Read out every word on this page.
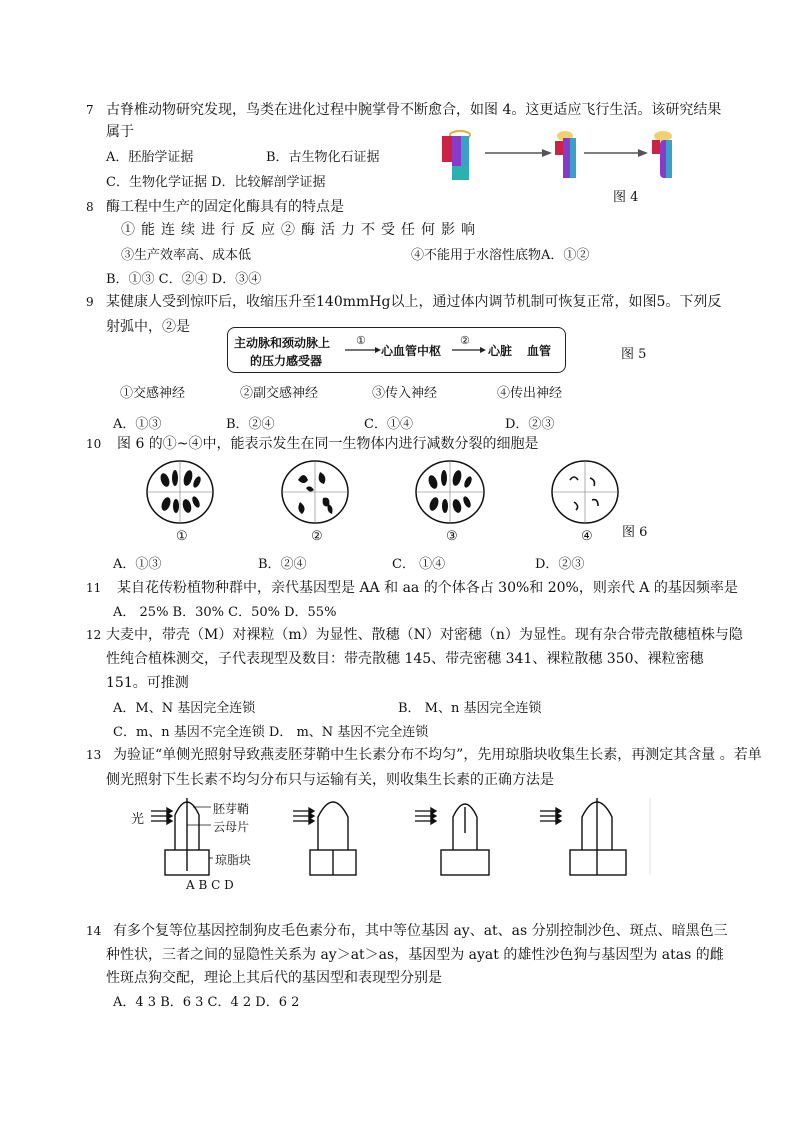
7 古脊椎动物研究发现，鸟类在进化过程中腕掌骨不断愈合，如图 4。这更适应飞行生活。该研究结果
属于
A．胚胎学证据	B．古生物化石证据
C．生物化学证据 D．比较解剖学证据
图 4
8 酶工程中生产的固定化酶具有的特点是
①能连续进行反应②酶活力不受任何影响
③生产效率高、成本低	④不能用于水溶性底物A．①②
B．①③ C．②④ D．③④
9 某健康人受到惊吓后，收缩压升至140mmHg以上，通过体内调节机制可恢复正常，如图5。下列反
射弧中，②是
主动脉和颈动脉上
的压力感受器
①
心血管中枢
②
心脏 血管	图 5
①交感神经	②副交感神经	③传入神经	④传出神经
A．①③	B．②④	C．①④	D．②③
10 图 6 的①~④中，能表示发生在同一生物体内进行减数分裂的细胞是
①	②	③	④ 图 6
A．①③	B．②④	C． ①④	D．②③
11 某自花传粉植物种群中，亲代基因型是 AA 和 aa 的个体各占 30%和 20%，则亲代 A 的基因频率是
A． 25% B．30% C．50% D．55%
12 大麦中，带壳（M）对裸粒（m）为显性、散穗（N）对密穗（n）为显性。现有杂合带壳散穗植株与隐
性纯合植株测交，子代表现型及数目：带壳散穗 145、带壳密穗 341、裸粒散穗 350、裸粒密穗
151。可推测
A．M、N 基因完全连锁	B． M、n 基因完全连锁
C．m、n 基因不完全连锁 D． m、N 基因不完全连锁
13 为验证“单侧光照射导致燕麦胚芽鞘中生长素分布不均匀”，先用琼脂块收集生长素，再测定其含量 。若单
侧光照射下生长素不均匀分布只与运输有关，则收集生长素的正确方法是
光
胚芽鞘
云母片
琼脂块
A B C D
14 有多个复等位基因控制狗皮毛色素分布，其中等位基因 ay、at、as 分别控制沙色、斑点、暗黑色三
种性状，三者之间的显隐性关系为 ay＞at＞as，基因型为 ayat 的雄性沙色狗与基因型为 atas 的雌
性斑点狗交配，理论上其后代的基因型和表现型分别是
A．4 3 B．6 3 C．4 2 D．6 2
